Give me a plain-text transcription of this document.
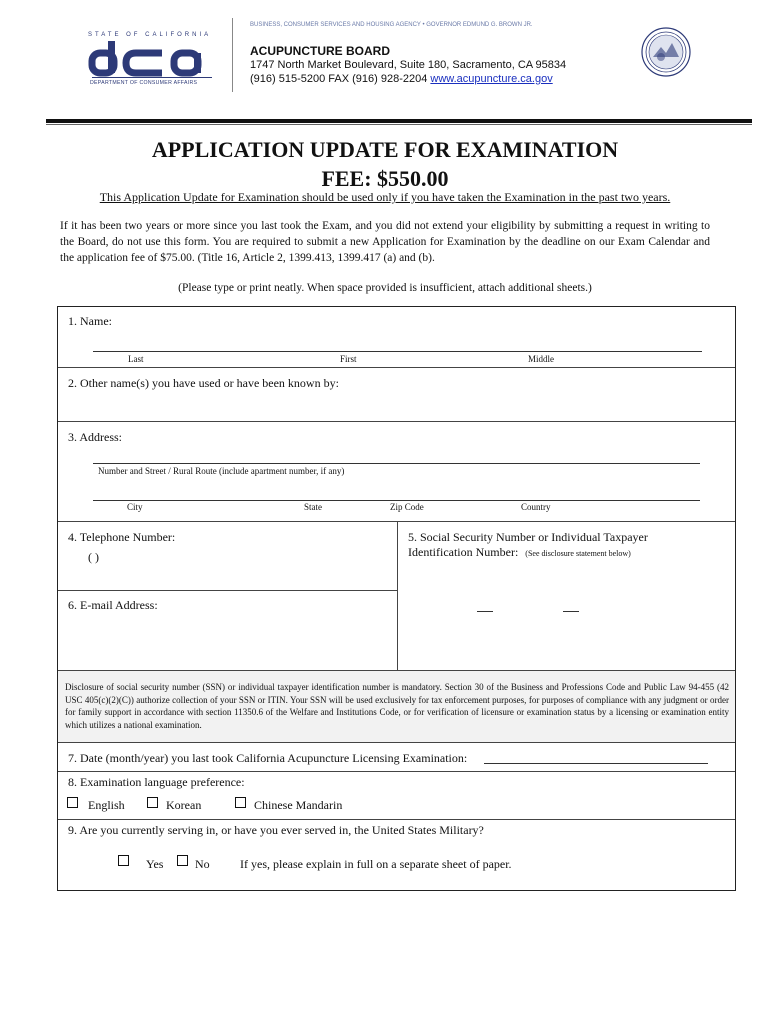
STATE OF CALIFORNIA
DEPARTMENT OF CONSUMER AFFAIRS
BUSINESS, CONSUMER SERVICES AND HOUSING AGENCY • GOVERNOR EDMUND G. BROWN JR.
ACUPUNCTURE BOARD
1747 North Market Boulevard, Suite 180, Sacramento, CA 95834
(916) 515-5200 FAX (916) 928-2204 www.acupuncture.ca.gov
APPLICATION UPDATE FOR EXAMINATION
FEE: $550.00
This Application Update for Examination should be used only if you have taken the Examination in the past two years.
If it has been two years or more since you last took the Exam, and you did not extend your eligibility by submitting a request in writing to the Board, do not use this form. You are required to submit a new Application for Examination by the deadline on our Exam Calendar and the application fee of $75.00. (Title 16, Article 2, 1399.413, 1399.417 (a) and (b).
(Please type or print neatly. When space provided is insufficient, attach additional sheets.)
1. Name:
Last	First	Middle
2. Other name(s) you have used or have been known by:
3. Address:
Number and Street / Rural Route (include apartment number, if any)
City	State	Zip Code	Country
4. Telephone Number:
( )
5. Social Security Number or Individual Taxpayer
Identification Number: (See disclosure statement below)
6. E-mail Address:
Disclosure of social security number (SSN) or individual taxpayer identification number is mandatory. Section 30 of the Business and Professions Code and Public Law 94-455 (42 USC 405(c)(2)(C)) authorize collection of your SSN or ITIN. Your SSN will be used exclusively for tax enforcement purposes, for purposes of compliance with any judgment or order for family support in accordance with section 11350.6 of the Welfare and Institutions Code, or for verification of licensure or examination status by a licensing or examination entity which utilizes a national examination.
7. Date (month/year) you last took California Acupuncture Licensing Examination:
8. Examination language preference:
English	Korean	Chinese Mandarin
9. Are you currently serving in, or have you ever served in, the United States Military?
Yes	No	If yes, please explain in full on a separate sheet of paper.
